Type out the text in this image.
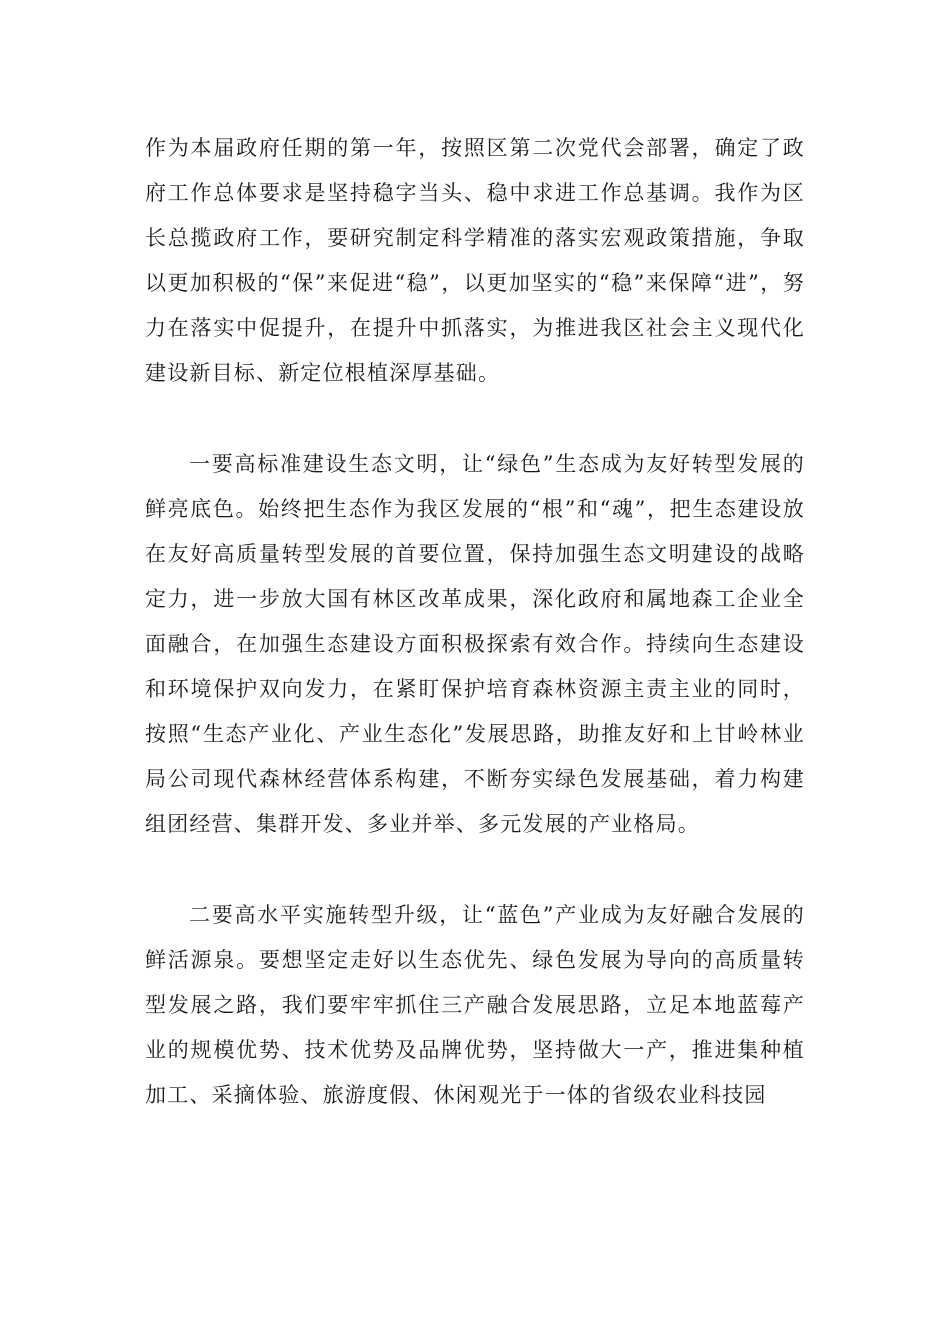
作为本届政府任期的第一年，按照区第二次党代会部署，确定了政府工作总体要求是坚持稳字当头、稳中求进工作总基调。我作为区长总揽政府工作，要研究制定科学精准的落实宏观政策措施，争取以更加积极的“保”来促进“稳”，以更加坚实的“稳”来保障“进”，努力在落实中促提升，在提升中抓落实，为推进我区社会主义现代化建设新目标、新定位根植深厚基础。

一要高标准建设生态文明，让“绿色”生态成为友好转型发展的鲜亮底色。始终把生态作为我区发展的“根”和“魂”，把生态建设放在友好高质量转型发展的首要位置，保持加强生态文明建设的战略定力，进一步放大国有林区改革成果，深化政府和属地森工企业全面融合，在加强生态建设方面积极探索有效合作。持续向生态建设和环境保护双向发力，在紧盯保护培育森林资源主责主业的同时，按照“生态产业化、产业生态化”发展思路，助推友好和上甘岭林业局公司现代森林经营体系构建，不断夯实绿色发展基础，着力构建组团经营、集群开发、多业并举、多元发展的产业格局。

二要高水平实施转型升级，让“蓝色”产业成为友好融合发展的鲜活源泉。要想坚定走好以生态优先、绿色发展为导向的高质量转型发展之路，我们要牢牢抓住三产融合发展思路，立足本地蓝莓产业的规模优势、技术优势及品牌优势，坚持做大一产，推进集种植加工、采摘体验、旅游度假、休闲观光于一体的省级农业科技园
